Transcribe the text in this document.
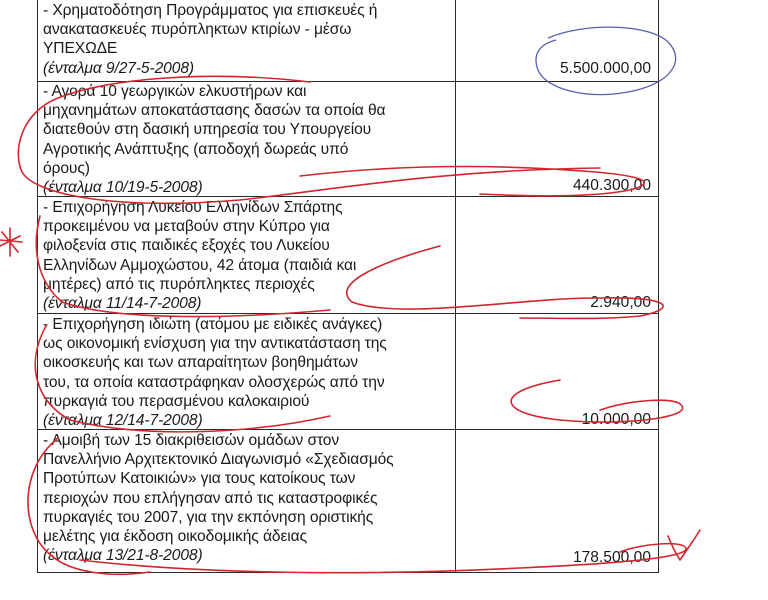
- Χρηματοδότηση Προγράμματος για επισκευές ή
ανακατασκευές πυρόπληκτων κτιρίων - μέσω
ΥΠΕΧΩΔΕ
(ένταλμα 9/27-5-2008)	5.500.000,00
- Αγορά 10 γεωργικών ελκυστήρων και
μηχανημάτων αποκατάστασης δασών τα οποία θα
διατεθούν στη δασική υπηρεσία του Υπουργείου
Αγροτικής Ανάπτυξης (αποδοχή δωρεάς υπό
όρους)
(ένταλμα 10/19-5-2008)	440.300,00
- Επιχορήγηση Λυκείου Ελληνίδων Σπάρτης
προκειμένου να μεταβούν στην Κύπρο για
φιλοξενία στις παιδικές εξοχές του Λυκείου
Ελληνίδων Αμμοχώστου, 42 άτομα (παιδιά και
μητέρες) από τις πυρόπληκτες περιοχές
(ένταλμα 11/14-7-2008)	2.940,00
- Επιχορήγηση ιδιώτη (ατόμου με ειδικές ανάγκες)
ως οικονομική ενίσχυση για την αντικατάσταση της
οικοσκευής και των απαραίτητων βοηθημάτων
του, τα οποία καταστράφηκαν ολοσχερώς από την
πυρκαγιά του περασμένου καλοκαιριού
(ένταλμα 12/14-7-2008)	10.000,00
- Αμοιβή των 15 διακριθεισών ομάδων στον
Πανελλήνιο Αρχιτεκτονικό Διαγωνισμό «Σχεδιασμός
Προτύπων Κατοικιών» για τους κατοίκους των
περιοχών που επλήγησαν από τις καταστροφικές
πυρκαγιές του 2007, για την εκπόνηση οριστικής
μελέτης για έκδοση οικοδομικής άδειας
(ένταλμα 13/21-8-2008)	178.500,00
